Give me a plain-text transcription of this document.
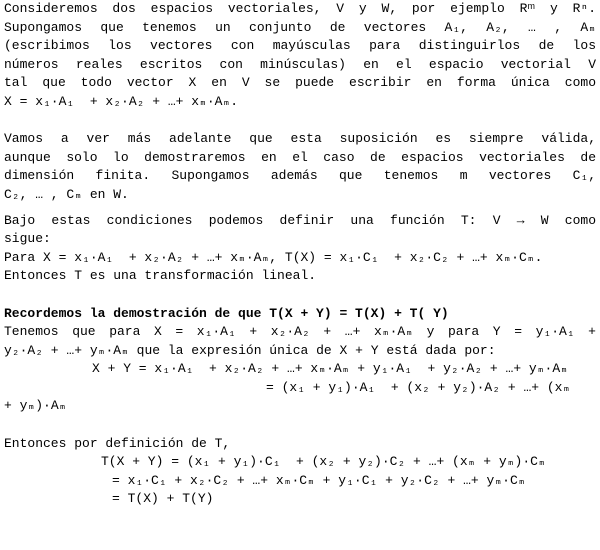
Consideremos dos espacios vectoriales, V y W, por ejemplo Rᵐ y Rⁿ.
Supongamos que tenemos un conjunto de vectores A₁, A₂, … , Aₘ
(escribimos los vectores con mayúsculas para distinguirlos de los
números reales escritos con minúsculas) en el espacio vectorial V
tal que todo vector X en V se puede escribir en forma única como
X = x₁·A₁  + x₂·A₂ + …+ xₘ·Aₘ.
Vamos a ver más adelante que esta suposición es siempre válida,
aunque solo lo demostraremos en el caso de espacios vectoriales de
dimensión finita. Supongamos además que tenemos m vectores C₁,
C₂, … , Cₘ en W.
Bajo estas condiciones podemos definir una función T: V → W como
sigue:
Para X = x₁·A₁  + x₂·A₂ + …+ xₘ·Aₘ, T(X) = x₁·C₁  + x₂·C₂ + …+ xₘ·Cₘ.
Entonces T es una transformación lineal.
Recordemos la demostración de que T(X + Y) = T(X) + T( Y)
Tenemos que para X = x₁·A₁ + x₂·A₂ + …+ xₘ·Aₘ y para Y = y₁·A₁ +
y₂·A₂ + …+ yₘ·Aₘ que la expresión única de X + Y está dada por:
X + Y = x₁·A₁  + x₂·A₂ + …+ xₘ·Aₘ + y₁·A₁  + y₂·A₂ + …+ yₘ·Aₘ
= (x₁ + y₁)·A₁  + (x₂ + y₂)·A₂ + …+ (xₘ
+ yₘ)·Aₘ
Entonces por definición de T,
T(X + Y) = (x₁ + y₁)·C₁  + (x₂ + y₂)·C₂ + …+ (xₘ + yₘ)·Cₘ
= x₁·C₁ + x₂·C₂ + …+ xₘ·Cₘ + y₁·C₁ + y₂·C₂ + …+ yₘ·Cₘ
= T(X) + T(Y)
